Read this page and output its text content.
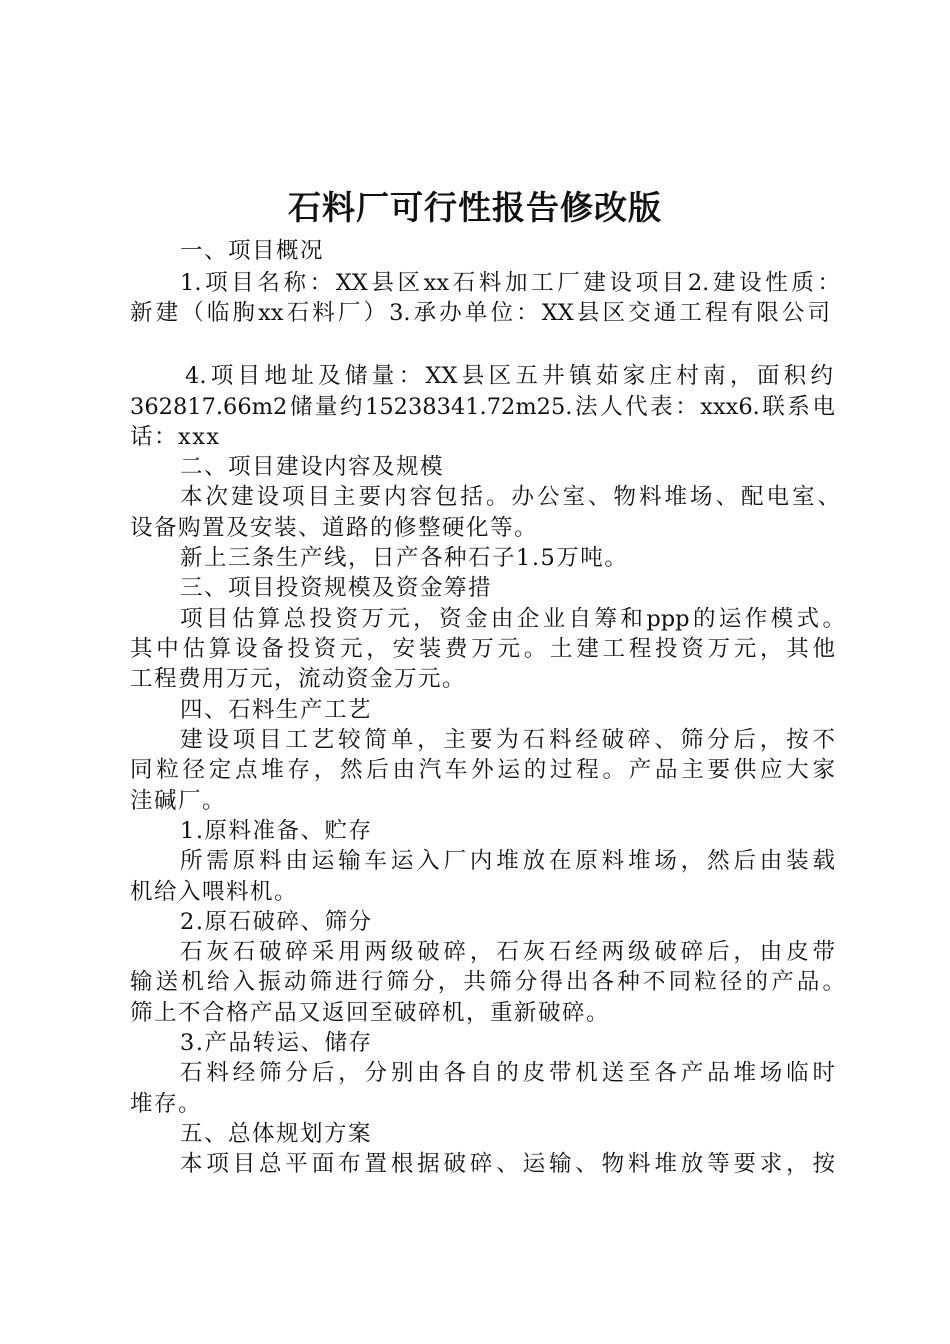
石料厂可行性报告修改版
一、项目概况
1.项目名称：XX县区xx石料加工厂建设项目2.建设性质：
新建（临朐xx石料厂）3.承办单位：XX县区交通工程有限公司
4.项目地址及储量：XX县区五井镇茹家庄村南，面积约
362817.66m2储量约15238341.72m25.法人代表：xxx6.联系电
话：xxx
二、项目建设内容及规模
本次建设项目主要内容包括。办公室、物料堆场、配电室、
设备购置及安装、道路的修整硬化等。
新上三条生产线，日产各种石子1.5万吨。
三、项目投资规模及资金筹措
项目估算总投资万元，资金由企业自筹和ppp的运作模式。
其中估算设备投资元，安装费万元。土建工程投资万元，其他
工程费用万元，流动资金万元。
四、石料生产工艺
建设项目工艺较简单，主要为石料经破碎、筛分后，按不
同粒径定点堆存，然后由汽车外运的过程。产品主要供应大家
洼碱厂。
1.原料准备、贮存
所需原料由运输车运入厂内堆放在原料堆场，然后由装载
机给入喂料机。
2.原石破碎、筛分
石灰石破碎采用两级破碎，石灰石经两级破碎后，由皮带
输送机给入振动筛进行筛分，共筛分得出各种不同粒径的产品。
筛上不合格产品又返回至破碎机，重新破碎。
3.产品转运、储存
石料经筛分后，分别由各自的皮带机送至各产品堆场临时
堆存。
五、总体规划方案
本项目总平面布置根据破碎、运输、物料堆放等要求，按
